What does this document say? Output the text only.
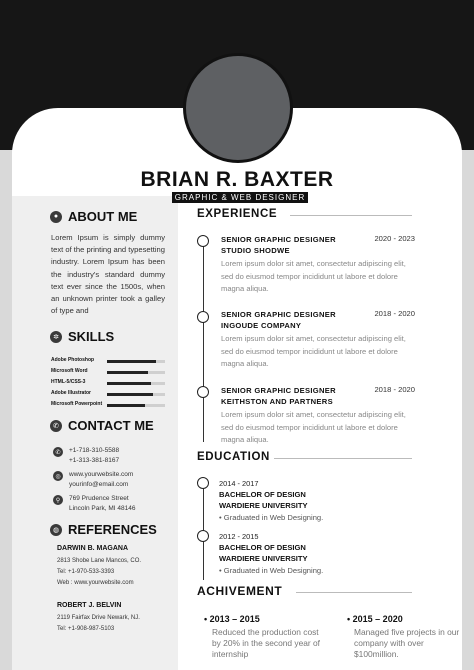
BRIAN R. BAXTER
GRAPHIC & WEB DESIGNER
● ABOUT ME
Lorem Ipsum is simply dummy text of the printing and typesetting industry. Lorem Ipsum has been the industry's standard dummy text ever since the 1500s, when an unknown printer took a galley of type and
✲ SKILLS
Adobe Photoshop
Microsoft Word
HTML-5/CSS-3
Adobe Illustrator
Microsoft Powerpoint
✆ CONTACT ME
✆	+1-718-310-5588
+1-313-381-8167
◎	www.yourwebsite.com
yourinfo@email.com
⚲	769 Prudence Street
Lincoln Park, MI 48146
◍ REFERENCES
DARWIN B. MAGANA
2813 Shobe Lane Mancos, CO.
Tel: +1-970-533-3393
Web : www.yourwebsite.com
ROBERT J. BELVIN
2119 Fairfax Drive Newark, NJ.
Tel: +1-908-987-5103
EXPERIENCE
SENIOR GRAPHIC DESIGNER
STUDIO SHODWE
2020 - 2023
Lorem ipsum dolor sit amet, consectetur adipiscing elit, sed do eiusmod tempor incididunt ut labore et dolore magna aliqua.
SENIOR GRAPHIC DESIGNER
INGOUDE COMPANY
2018 - 2020
Lorem ipsum dolor sit amet, consectetur adipiscing elit, sed do eiusmod tempor incididunt ut labore et dolore magna aliqua.
SENIOR GRAPHIC DESIGNER
KEITHSTON AND PARTNERS
2018 - 2020
Lorem ipsum dolor sit amet, consectetur adipiscing elit, sed do eiusmod tempor incididunt ut labore et dolore magna aliqua.
EDUCATION
2014 - 2017
BACHELOR OF DESIGN
WARDIERE UNIVERSITY
• Graduated in Web Designing.
2012 - 2015
BACHELOR OF DESIGN
WARDIERE UNIVERSITY
• Graduated in Web Designing.
ACHIVEMENT
• 2013 – 2015
Reduced the production cost by 20% in the second year of internship
• 2015 – 2020
Managed five projects in our company with over $100million.
